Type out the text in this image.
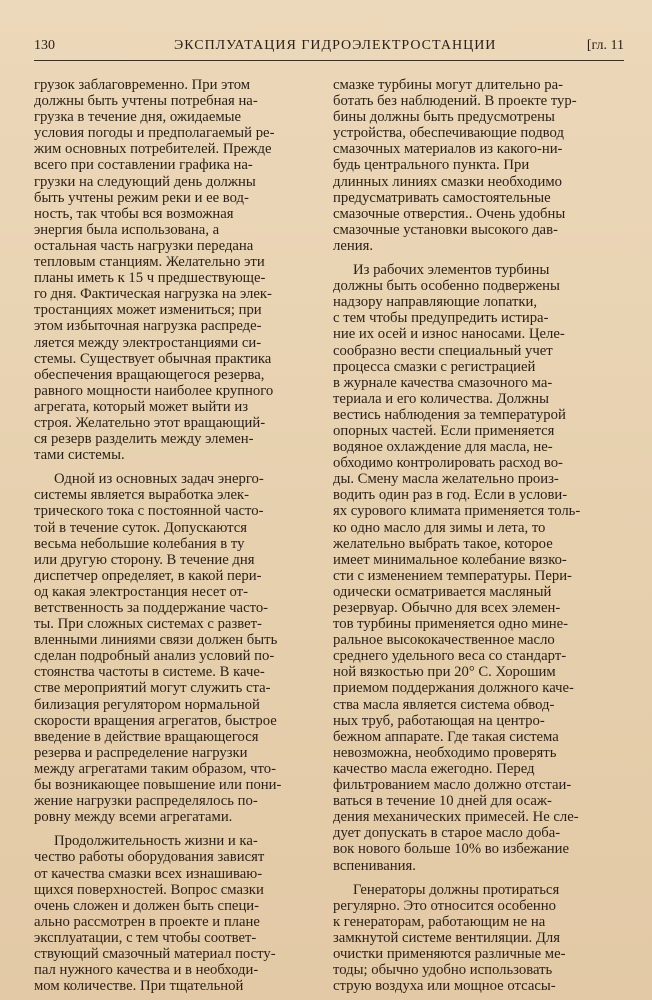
130	ЭКСПЛУАТАЦИЯ ГИДРОЭЛЕКТРОСТАНЦИИ	[гл. 11
грузок заблаговременно. При этом
должны быть учтены потребная на-
грузка в течение дня, ожидаемые
условия погоды и предполагаемый ре-
жим основных потребителей. Прежде
всего при составлении графика на-
грузки на следующий день должны
быть учтены режим реки и ее вод-
ность, так чтобы вся возможная
энергия была использована, а
остальная часть нагрузки передана
тепловым станциям. Желательно эти
планы иметь к 15 ч предшествующе-
го дня. Фактическая нагрузка на элек-
тростанциях может измениться; при
этом избыточная нагрузка распреде-
ляется между электростанциями си-
стемы. Существует обычная практика
обеспечения вращающегося резерва,
равного мощности наиболее крупного
агрегата, который может выйти из
строя. Желательно этот вращающий-
ся резерв разделить между элемен-
тами системы.
Одной из основных задач энерго-
системы является выработка элек-
трического тока с постоянной часто-
той в течение суток. Допускаются
весьма небольшие колебания в ту
или другую сторону. В течение дня
диспетчер определяет, в какой пери-
од какая электростанция несет от-
ветственность за поддержание часто-
ты. При сложных системах с развет-
вленными линиями связи должен быть
сделан подробный анализ условий по-
стоянства частоты в системе. В каче-
стве мероприятий могут служить ста-
билизация регулятором нормальной
скорости вращения агрегатов, быстрое
введение в действие вращающегося
резерва и распределение нагрузки
между агрегатами таким образом, что-
бы возникающее повышение или пони-
жение нагрузки распределялось по-
ровну между всеми агрегатами.
Продолжительность жизни и ка-
чество работы оборудования зависят
от качества смазки всех изнашиваю-
щихся поверхностей. Вопрос смазки
очень сложен и должен быть специ-
ально рассмотрен в проекте и плане
эксплуатации, с тем чтобы соответ-
ствующий смазочный материал посту-
пал нужного качества и в необходи-
мом количестве. При тщательной
смазке турбины могут длительно ра-
ботать без наблюдений. В проекте тур-
бины должны быть предусмотрены
устройства, обеспечивающие подвод
смазочных материалов из какого-ни-
будь центрального пункта. При
длинных линиях смазки необходимо
предусматривать самостоятельные
смазочные отверстия.. Очень удобны
смазочные установки высокого дав-
ления.
Из рабочих элементов турбины
должны быть особенно подвержены
надзору направляющие лопатки,
с тем чтобы предупредить истира-
ние их осей и износ наносами. Целе-
сообразно вести специальный учет
процесса смазки с регистрацией
в журнале качества смазочного ма-
териала и его количества. Должны
вестись наблюдения за температурой
опорных частей. Если применяется
водяное охлаждение для масла, не-
обходимо контролировать расход во-
ды. Смену масла желательно произ-
водить один раз в год. Если в услови-
ях сурового климата применяется толь-
ко одно масло для зимы и лета, то
желательно выбрать такое, которое
имеет минимальное колебание вязко-
сти с изменением температуры. Пери-
одически осматривается масляный
резервуар. Обычно для всех элемен-
тов турбины применяется одно мине-
ральное высококачественное масло
среднего удельного веса со стандарт-
ной вязкостью при 20° С. Хорошим
приемом поддержания должного каче-
ства масла является система обвод-
ных труб, работающая на центро-
бежном аппарате. Где такая система
невозможна, необходимо проверять
качество масла ежегодно. Перед
фильтрованием масло должно отстаи-
ваться в течение 10 дней для осаж-
дения механических примесей. Не сле-
дует допускать в старое масло доба-
вок нового больше 10% во избежание
вспенивания.
Генераторы должны протираться
регулярно. Это относится особенно
к генераторам, работающим не на
замкнутой системе вентиляции. Для
очистки применяются различные ме-
тоды; обычно удобно использовать
струю воздуха или мощное отсасы-
